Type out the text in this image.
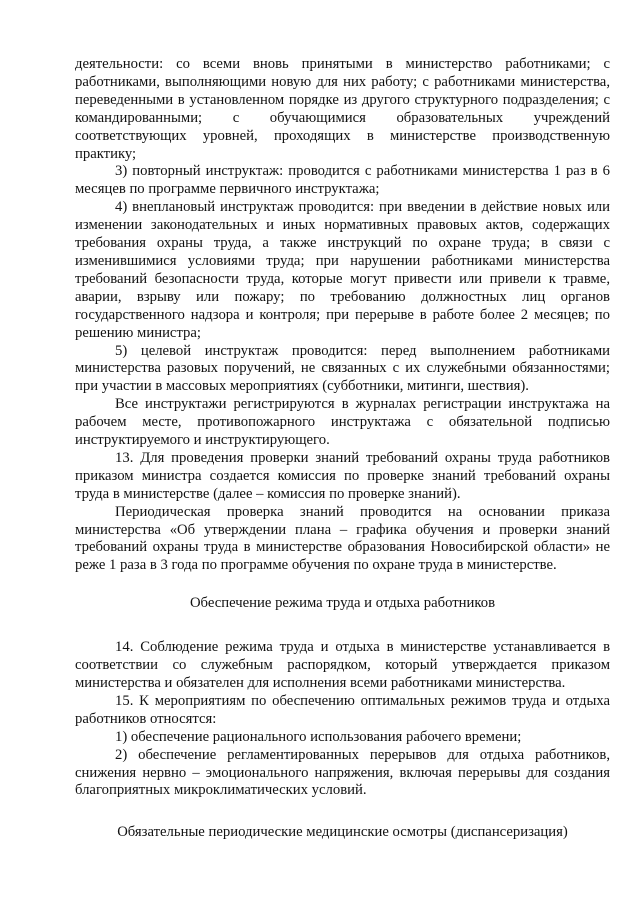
деятельности: со всеми вновь принятыми в министерство работниками; с работниками, выполняющими новую для них работу; с работниками министерства, переведенными в установленном порядке из другого структурного подразделения; с командированными; с обучающимися образовательных учреждений соответствующих уровней, проходящих в министерстве производственную практику;

3) повторный инструктаж: проводится с работниками министерства 1 раз в 6 месяцев по программе первичного инструктажа;

4) внеплановый инструктаж проводится: при введении в действие новых или изменении законодательных и иных нормативных правовых актов, содержащих требования охраны труда, а также инструкций по охране труда; в связи с изменившимися условиями труда; при нарушении работниками министерства требований безопасности труда, которые могут привести или привели к травме, аварии, взрыву или пожару; по требованию должностных лиц органов государственного надзора и контроля; при перерыве в работе более 2 месяцев; по решению министра;

5) целевой инструктаж проводится: перед выполнением работниками министерства разовых поручений, не связанных с их служебными обязанностями; при участии в массовых мероприятиях (субботники, митинги, шествия).

Все инструктажи регистрируются в журналах регистрации инструктажа на рабочем месте, противопожарного инструктажа с обязательной подписью инструктируемого и инструктирующего.

13. Для проведения проверки знаний требований охраны труда работников приказом министра создается комиссия по проверке знаний требований охраны труда в министерстве (далее – комиссия по проверке знаний).

Периодическая проверка знаний проводится на основании приказа министерства «Об утверждении плана – графика обучения и проверки знаний требований охраны труда в министерстве образования Новосибирской области» не реже 1 раза в 3 года по программе обучения по охране труда в министерстве.

Обеспечение режима труда и отдыха работников

14. Соблюдение режима труда и отдыха в министерстве устанавливается в соответствии со служебным распорядком, который утверждается приказом министерства и обязателен для исполнения всеми работниками министерства.

15. К мероприятиям по обеспечению оптимальных режимов труда и отдыха работников относятся:

1) обеспечение рационального использования рабочего времени;

2) обеспечение регламентированных перерывов для отдыха работников, снижения нервно – эмоционального напряжения, включая перерывы для создания благоприятных микроклиматических условий.

Обязательные периодические медицинские осмотры (диспансеризация)
